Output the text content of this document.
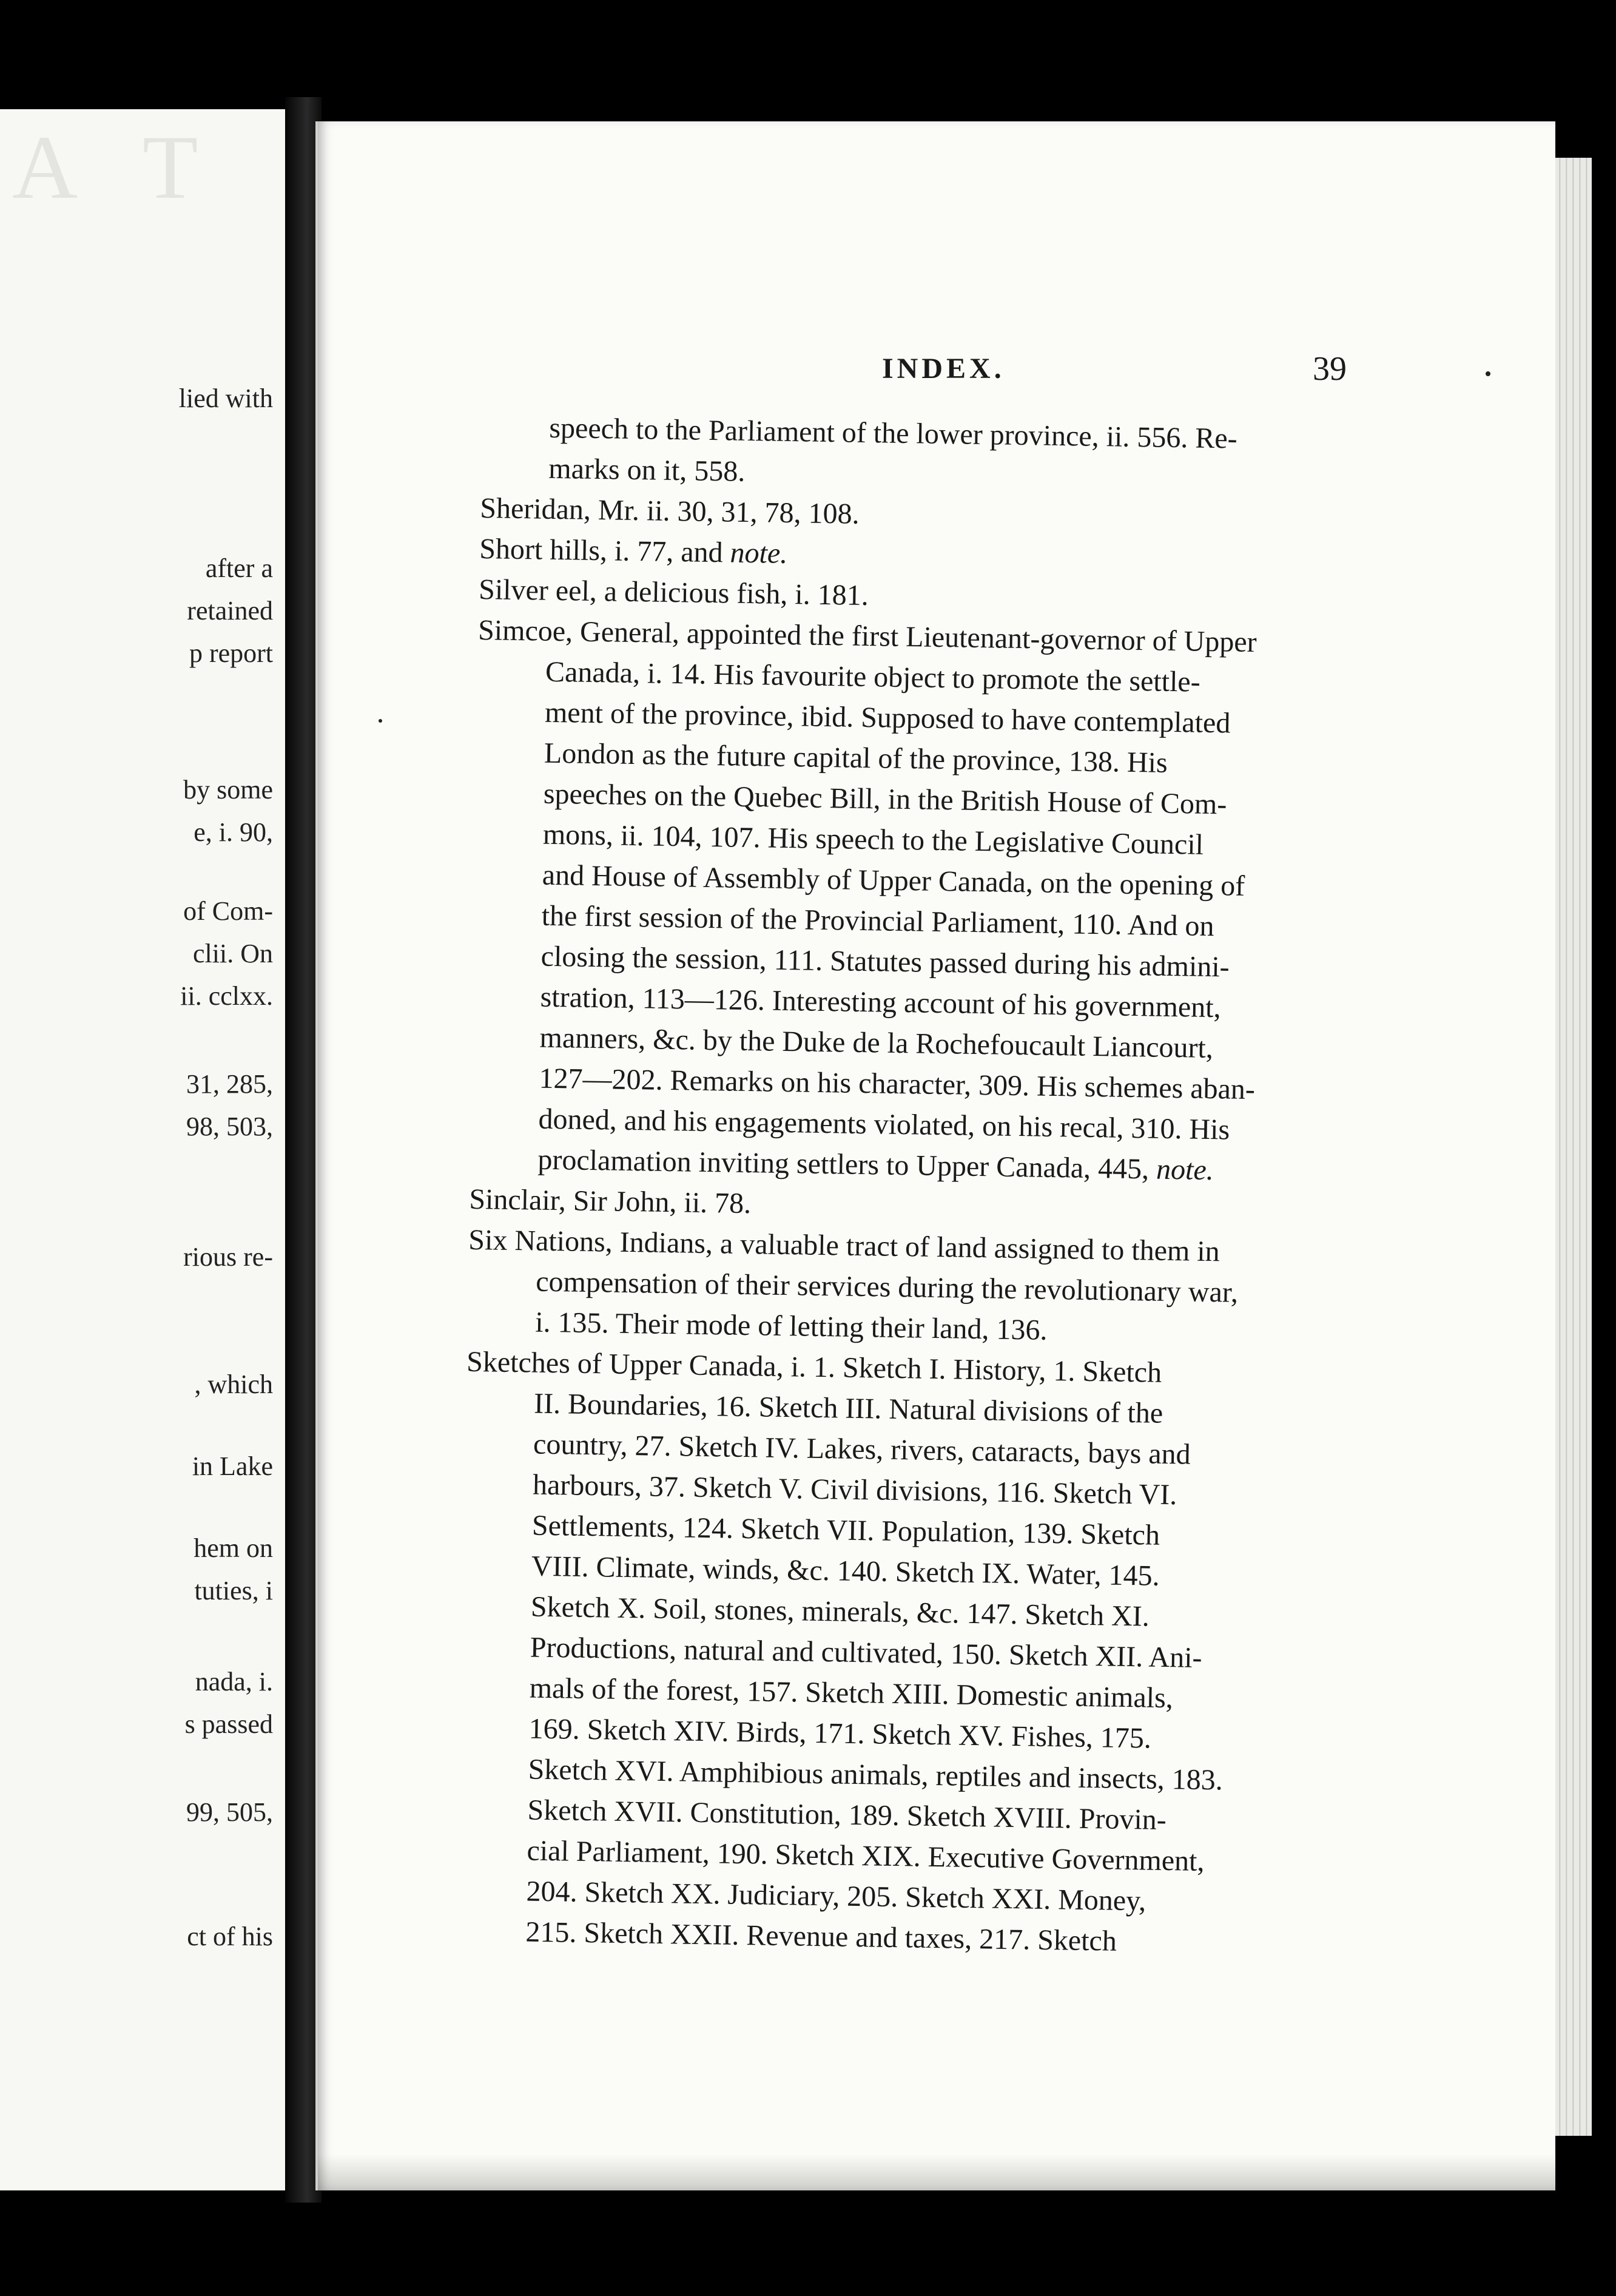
A T
lied with
after a
retained
p report
by some
e, i. 90,
of Com-
clii. On
ii. cclxx.
31, 285,
98, 503,
rious re-
, which
in Lake
hem on
tuties, i
nada, i.
s passed
99, 505,
ct of his
INDEX.	39
speech to the Parliament of the lower province, ii. 556. Re-
marks on it, 558.
Sheridan, Mr. ii. 30, 31, 78, 108.
Short hills, i. 77, and note.
Silver eel, a delicious fish, i. 181.
Simcoe, General, appointed the first Lieutenant-governor of Upper
Canada, i. 14. His favourite object to promote the settle-
ment of the province, ibid. Supposed to have contemplated
London as the future capital of the province, 138. His
speeches on the Quebec Bill, in the British House of Com-
mons, ii. 104, 107. His speech to the Legislative Council
and House of Assembly of Upper Canada, on the opening of
the first session of the Provincial Parliament, 110. And on
closing the session, 111. Statutes passed during his admini-
stration, 113—126. Interesting account of his government,
manners, &c. by the Duke de la Rochefoucault Liancourt,
127—202. Remarks on his character, 309. His schemes aban-
doned, and his engagements violated, on his recal, 310. His
proclamation inviting settlers to Upper Canada, 445, note.
Sinclair, Sir John, ii. 78.
Six Nations, Indians, a valuable tract of land assigned to them in
compensation of their services during the revolutionary war,
i. 135. Their mode of letting their land, 136.
Sketches of Upper Canada, i. 1. Sketch I. History, 1. Sketch
II. Boundaries, 16. Sketch III. Natural divisions of the
country, 27. Sketch IV. Lakes, rivers, cataracts, bays and
harbours, 37. Sketch V. Civil divisions, 116. Sketch VI.
Settlements, 124. Sketch VII. Population, 139. Sketch
VIII. Climate, winds, &c. 140. Sketch IX. Water, 145.
Sketch X. Soil, stones, minerals, &c. 147. Sketch XI.
Productions, natural and cultivated, 150. Sketch XII. Ani-
mals of the forest, 157. Sketch XIII. Domestic animals,
169. Sketch XIV. Birds, 171. Sketch XV. Fishes, 175.
Sketch XVI. Amphibious animals, reptiles and insects, 183.
Sketch XVII. Constitution, 189. Sketch XVIII. Provin-
cial Parliament, 190. Sketch XIX. Executive Government,
204. Sketch XX. Judiciary, 205. Sketch XXI. Money,
215. Sketch XXII. Revenue and taxes, 217. Sketch
